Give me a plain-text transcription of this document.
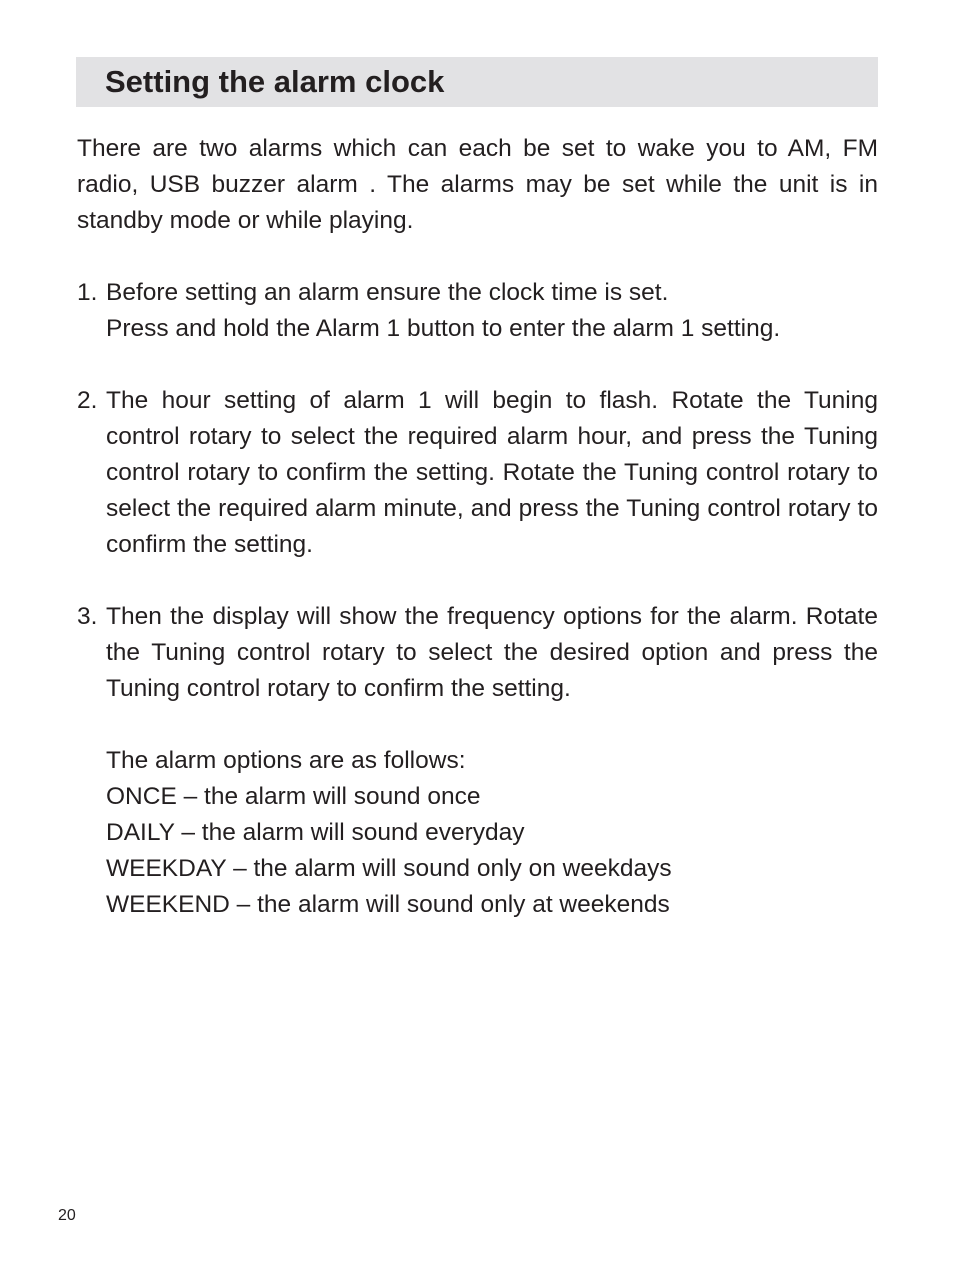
Setting the alarm clock

There are two alarms which can each be set to wake you to AM, FM radio, USB buzzer alarm . The alarms may be set while the unit is in standby mode or while playing.

1. Before setting an alarm ensure the clock time is set.
Press and hold the Alarm 1 button to enter the alarm 1 setting.
2. The hour setting of alarm 1 will begin to flash. Rotate the Tuning control rotary to select the required alarm hour, and press the Tuning control rotary to confirm the setting. Rotate the Tuning control rotary to select the required alarm minute, and press the Tuning control rotary to confirm the setting.
3. Then the display will show the frequency options for the alarm. Rotate the Tuning control rotary to select the desired option and press the Tuning control rotary to confirm the setting.
The alarm options are as follows:
ONCE – the alarm will sound once
DAILY – the alarm will sound everyday
WEEKDAY – the alarm will sound only on weekdays
WEEKEND – the alarm will sound only at weekends
20
